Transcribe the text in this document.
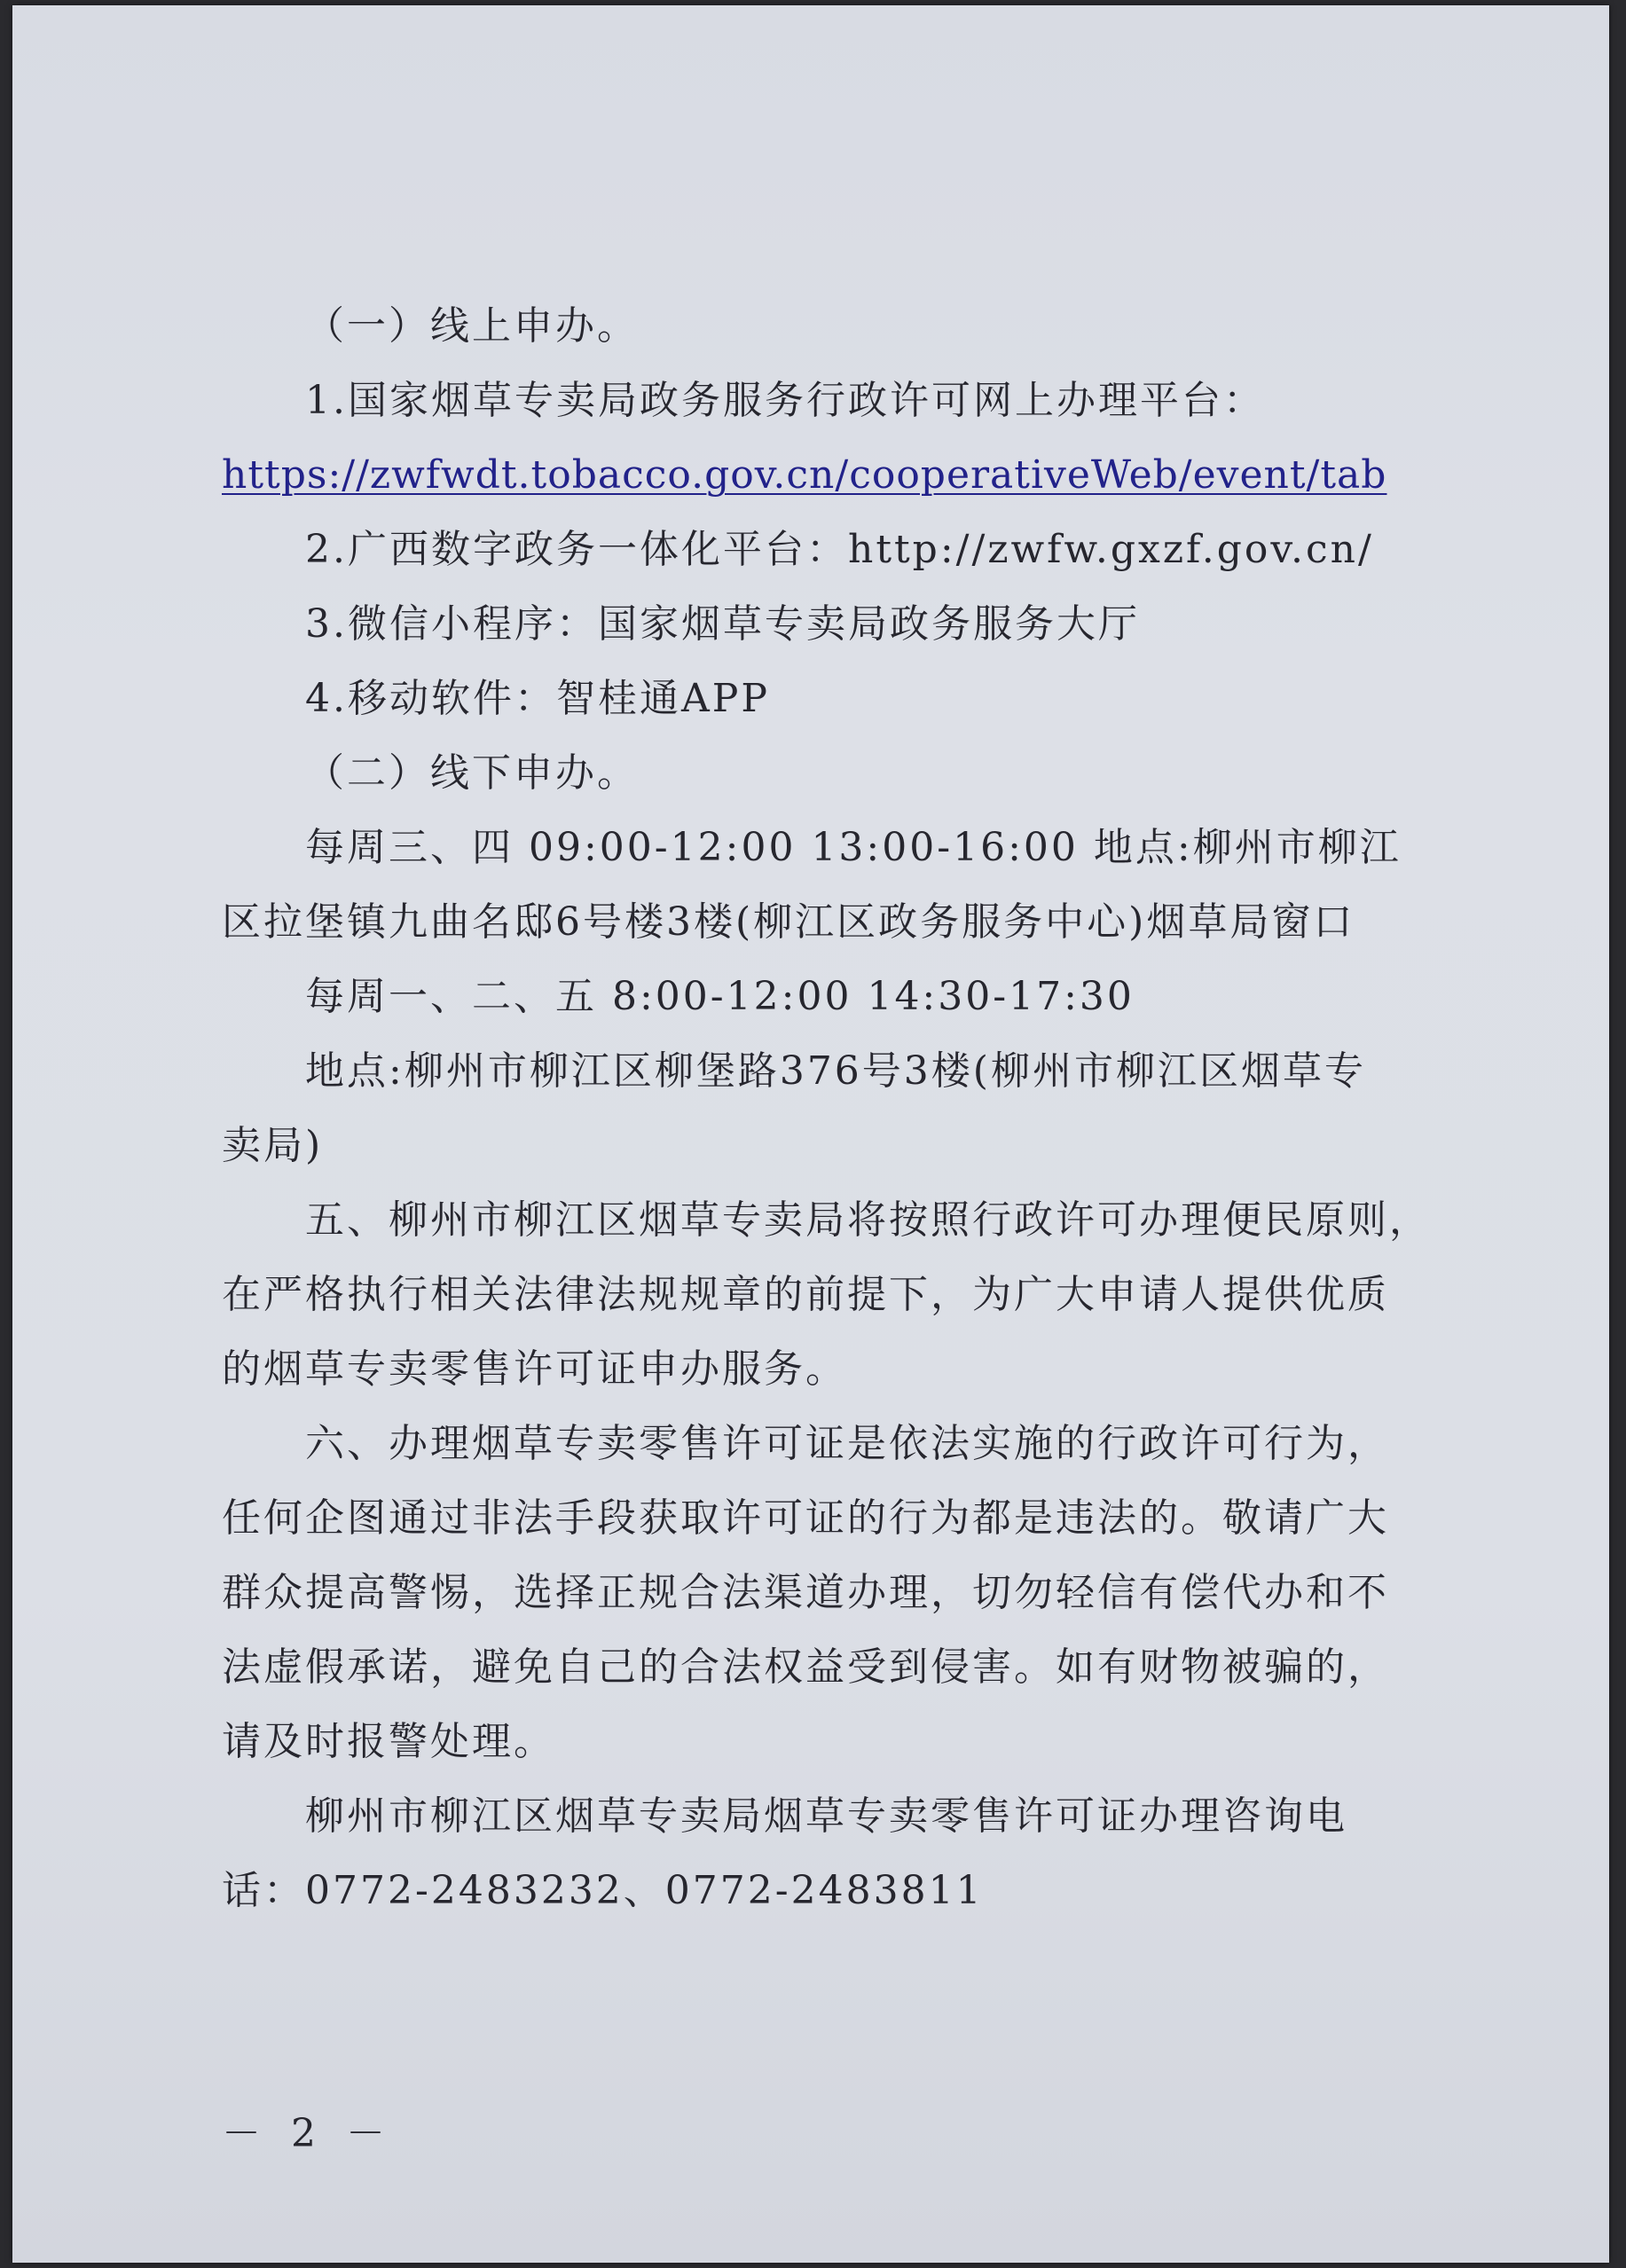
（一）线上申办。
1.国家烟草专卖局政务服务行政许可网上办理平台：
https://zwfwdt.tobacco.gov.cn/cooperativeWeb/event/tab
2.广西数字政务一体化平台：http://zwfw.gxzf.gov.cn/
3.微信小程序：国家烟草专卖局政务服务大厅
4.移动软件：智桂通APP
（二）线下申办。
每周三、四 09:00-12:00 13:00-16:00 地点:柳州市柳江
区拉堡镇九曲名邸6号楼3楼(柳江区政务服务中心)烟草局窗口
每周一、二、五 8:00-12:00 14:30-17:30
地点:柳州市柳江区柳堡路376号3楼(柳州市柳江区烟草专
卖局)
五、柳州市柳江区烟草专卖局将按照行政许可办理便民原则，
在严格执行相关法律法规规章的前提下，为广大申请人提供优质
的烟草专卖零售许可证申办服务。
六、办理烟草专卖零售许可证是依法实施的行政许可行为，
任何企图通过非法手段获取许可证的行为都是违法的。敬请广大
群众提高警惕，选择正规合法渠道办理，切勿轻信有偿代办和不
法虚假承诺，避免自己的合法权益受到侵害。如有财物被骗的，
请及时报警处理。
柳州市柳江区烟草专卖局烟草专卖零售许可证办理咨询电
话：0772-2483232、0772-2483811
－ 2 －
